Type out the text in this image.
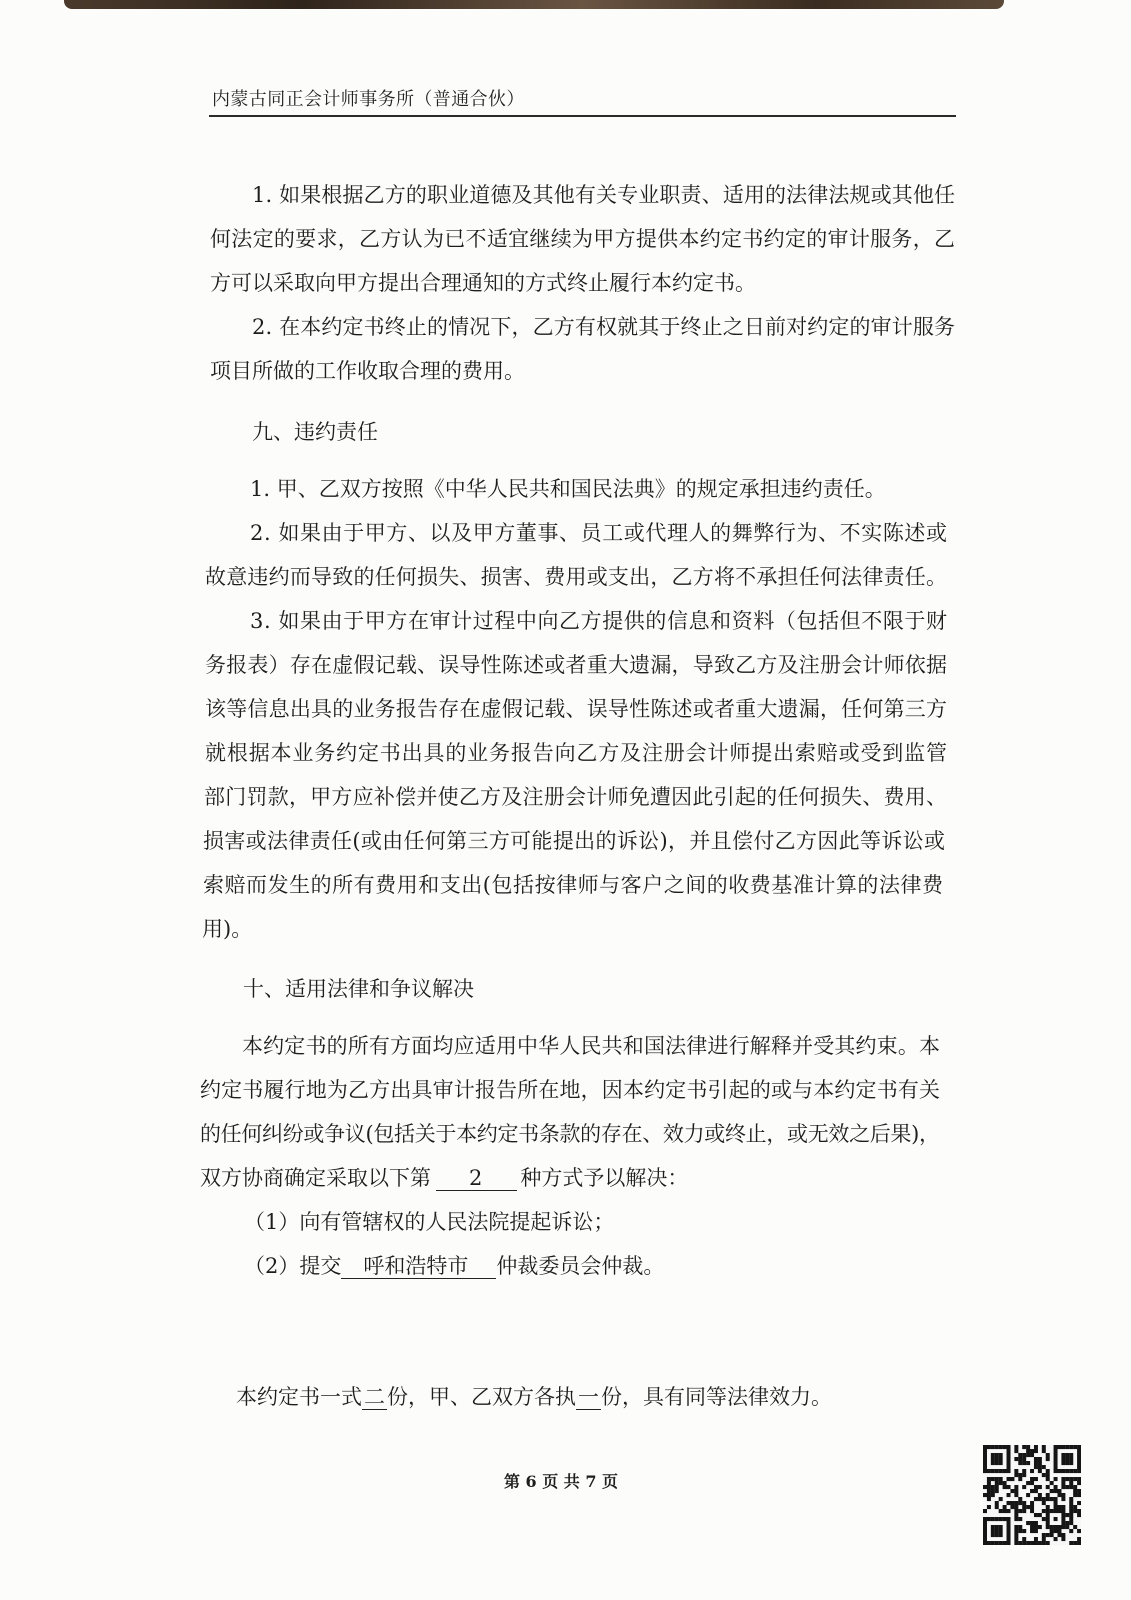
内蒙古同正会计师事务所（普通合伙）
1. 如果根据乙方的职业道德及其他有关专业职责、适用的法律法规或其他任
何法定的要求，乙方认为已不适宜继续为甲方提供本约定书约定的审计服务，乙
方可以采取向甲方提出合理通知的方式终止履行本约定书。
2. 在本约定书终止的情况下，乙方有权就其于终止之日前对约定的审计服务
项目所做的工作收取合理的费用。
九、违约责任
1. 甲、乙双方按照《中华人民共和国民法典》的规定承担违约责任。
2. 如果由于甲方、以及甲方董事、员工或代理人的舞弊行为、不实陈述或
故意违约而导致的任何损失、损害、费用或支出，乙方将不承担任何法律责任。
3. 如果由于甲方在审计过程中向乙方提供的信息和资料（包括但不限于财
务报表）存在虚假记载、误导性陈述或者重大遗漏，导致乙方及注册会计师依据
该等信息出具的业务报告存在虚假记载、误导性陈述或者重大遗漏，任何第三方
就根据本业务约定书出具的业务报告向乙方及注册会计师提出索赔或受到监管
部门罚款，甲方应补偿并使乙方及注册会计师免遭因此引起的任何损失、费用、
损害或法律责任(或由任何第三方可能提出的诉讼)，并且偿付乙方因此等诉讼或
索赔而发生的所有费用和支出(包括按律师与客户之间的收费基准计算的法律费
用)。
十、适用法律和争议解决
本约定书的所有方面均应适用中华人民共和国法律进行解释并受其约束。本
约定书履行地为乙方出具审计报告所在地，因本约定书引起的或与本约定书有关
的任何纠纷或争议(包括关于本约定书条款的存在、效力或终止，或无效之后果)，
双方协商确定采取以下第 2 种方式予以解决：
（1）向有管辖权的人民法院提起诉讼；
（2）提交 呼和浩特市 仲裁委员会仲裁。
本约定书一式二份，甲、乙双方各执一份，具有同等法律效力。
第 6 页 共 7 页
